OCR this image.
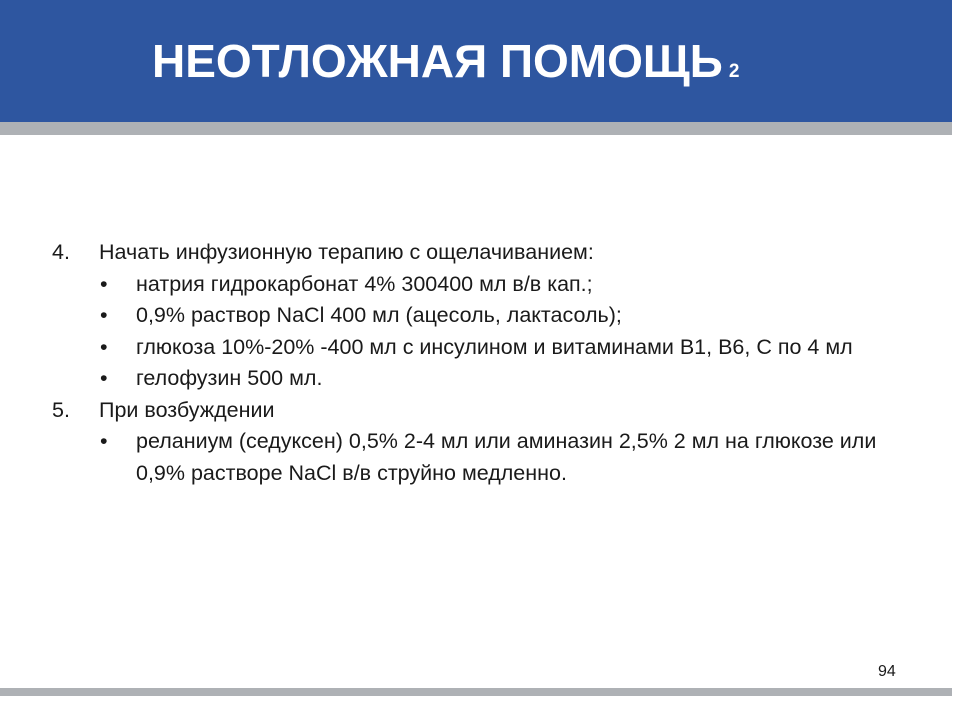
НЕОТЛОЖНАЯ ПОМОЩЬ 2
4. Начать инфузионную терапию с ощелачиванием:
• натрия гидрокарбонат 4% 300400 мл в/в кап.;
• 0,9% раствор NaCl 400 мл (ацесоль, лактасоль);
• глюкоза 10%-20% -400 мл с инсулином и витаминами В1, В6, С по 4 мл
• гелофузин 500 мл.
5. При возбуждении
• реланиум (седуксен) 0,5% 2-4 мл или аминазин 2,5% 2 мл на глюкозе или 0,9% растворе NaCl в/в струйно медленно.
94
